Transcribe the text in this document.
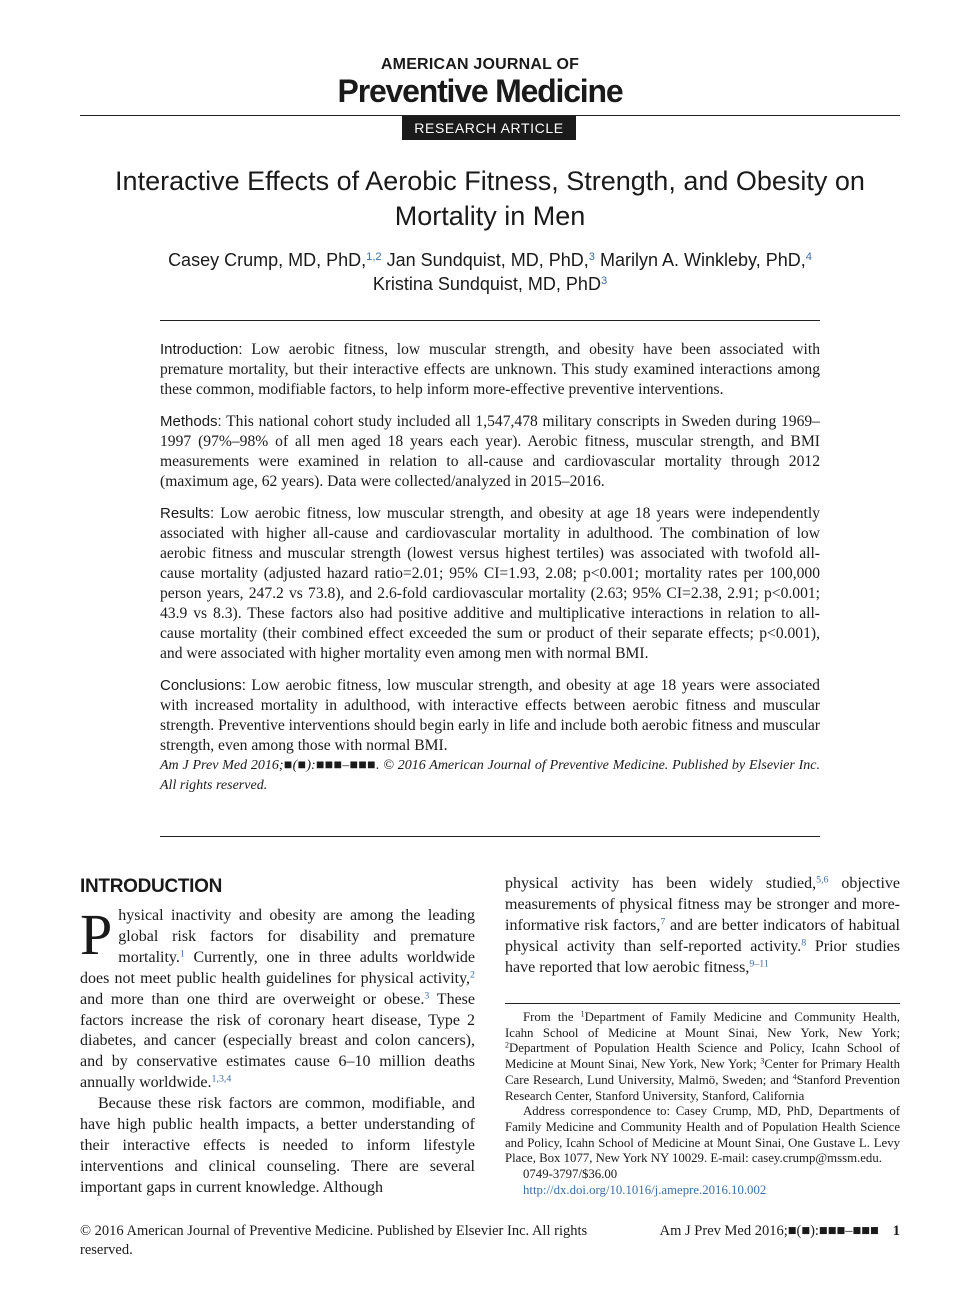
AMERICAN JOURNAL OF
Preventive Medicine
RESEARCH ARTICLE
Interactive Effects of Aerobic Fitness, Strength, and Obesity on Mortality in Men
Casey Crump, MD, PhD,$^{1,2}$ Jan Sundquist, MD, PhD,$^3$ Marilyn A. Winkleby, PhD,$^4$
Kristina Sundquist, MD, PhD$^3$

Introduction: Low aerobic fitness, low muscular strength, and obesity have been associated with premature mortality, but their interactive effects are unknown. This study examined interactions among these common, modifiable factors, to help inform more-effective preventive interventions.

Methods: This national cohort study included all 1,547,478 military conscripts in Sweden during 1969–1997 (97%–98% of all men aged 18 years each year). Aerobic fitness, muscular strength, and BMI measurements were examined in relation to all-cause and cardiovascular mortality through 2012 (maximum age, 62 years). Data were collected/analyzed in 2015–2016.

Results: Low aerobic fitness, low muscular strength, and obesity at age 18 years were independently associated with higher all-cause and cardiovascular mortality in adulthood. The combination of low aerobic fitness and muscular strength (lowest versus highest tertiles) was associated with twofold all-cause mortality (adjusted hazard ratio=2.01; 95% CI=1.93, 2.08; p<0.001; mortality rates per 100,000 person years, 247.2 vs 73.8), and 2.6-fold cardiovascular mortality (2.63; 95% CI=2.38, 2.91; p<0.001; 43.9 vs 8.3). These factors also had positive additive and multiplicative interactions in relation to all-cause mortality (their combined effect exceeded the sum or product of their separate effects; p<0.001), and were associated with higher mortality even among men with normal BMI.

Conclusions: Low aerobic fitness, low muscular strength, and obesity at age 18 years were associated with increased mortality in adulthood, with interactive effects between aerobic fitness and muscular strength. Preventive interventions should begin early in life and include both aerobic fitness and muscular strength, even among those with normal BMI.

Am J Prev Med 2016;■(■):■■■–■■■. © 2016 American Journal of Preventive Medicine. Published by Elsevier Inc. All rights reserved.

INTRODUCTION

Physical inactivity and obesity are among the leading global risk factors for disability and premature mortality.$^1$ Currently, one in three adults worldwide does not meet public health guidelines for physical activity,$^2$ and more than one third are overweight or obese.$^3$ These factors increase the risk of coronary heart disease, Type 2 diabetes, and cancer (especially breast and colon cancers), and by conservative estimates cause 6–10 million deaths annually worldwide.$^{1,3,4}$

Because these risk factors are common, modifiable, and have high public health impacts, a better understanding of their interactive effects is needed to inform lifestyle interventions and clinical counseling. There are several important gaps in current knowledge. Although

physical activity has been widely studied,$^{5,6}$ objective measurements of physical fitness may be stronger and more-informative risk factors,$^7$ and are better indicators of habitual physical activity than self-reported activity.$^8$ Prior studies have reported that low aerobic fitness,$^{9-11}$

From the $^1$Department of Family Medicine and Community Health, Icahn School of Medicine at Mount Sinai, New York, New York; $^2$Department of Population Health Science and Policy, Icahn School of Medicine at Mount Sinai, New York, New York; $^3$Center for Primary Health Care Research, Lund University, Malmö, Sweden; and $^4$Stanford Prevention Research Center, Stanford University, Stanford, California

Address correspondence to: Casey Crump, MD, PhD, Departments of Family Medicine and Community Health and of Population Health Science and Policy, Icahn School of Medicine at Mount Sinai, One Gustave L. Levy Place, Box 1077, New York NY 10029. E-mail: casey.crump@mssm.edu.

0749-3797/$36.00

http://dx.doi.org/10.1016/j.amepre.2016.10.002

© 2016 American Journal of Preventive Medicine. Published by Elsevier Inc. All rights reserved.
Am J Prev Med 2016;■(■):■■■–■■■ 1
